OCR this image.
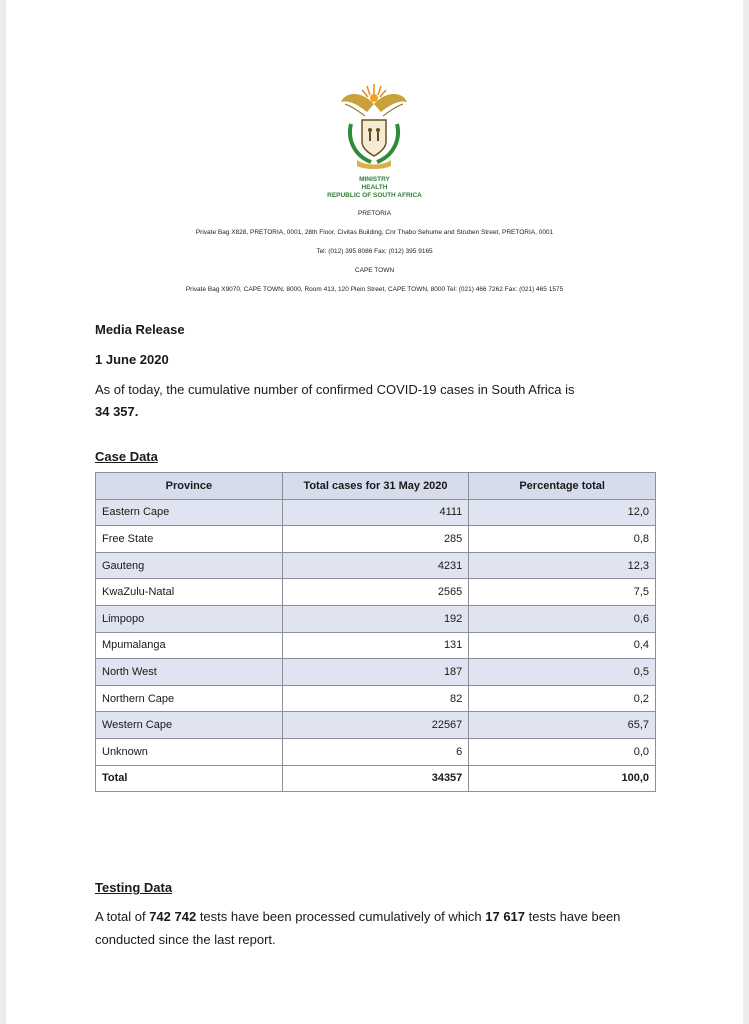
MINISTRY
HEALTH
REPUBLIC OF SOUTH AFRICA
PRETORIA
Private Bag X828, PRETORIA, 0001, 28th Floor, Civitas Building, Cnr Thabo Sehume and Struben Street, PRETORIA, 0001
Tel: (012) 395 8086 Fax: (012) 395 9165
CAPE TOWN
Private Bag X9070, CAPE TOWN, 8000, Room 413, 120 Plein Street, CAPE TOWN, 8000 Tel: (021) 466 7262 Fax: (021) 465 1575
Media Release
1 June 2020
As of today, the cumulative number of confirmed COVID-19 cases in South Africa is
34 357.
Case Data
Province	Total cases for 31 May 2020	Percentage total
Eastern Cape	4111	12,0
Free State	285	0,8
Gauteng	4231	12,3
KwaZulu-Natal	2565	7,5
Limpopo	192	0,6
Mpumalanga	131	0,4
North West	187	0,5
Northern Cape	82	0,2
Western Cape	22567	65,7
Unknown	6	0,0
Total	34357	100,0
Testing Data
A total of 742 742 tests have been processed cumulatively of which 17 617 tests have been
conducted since the last report.
